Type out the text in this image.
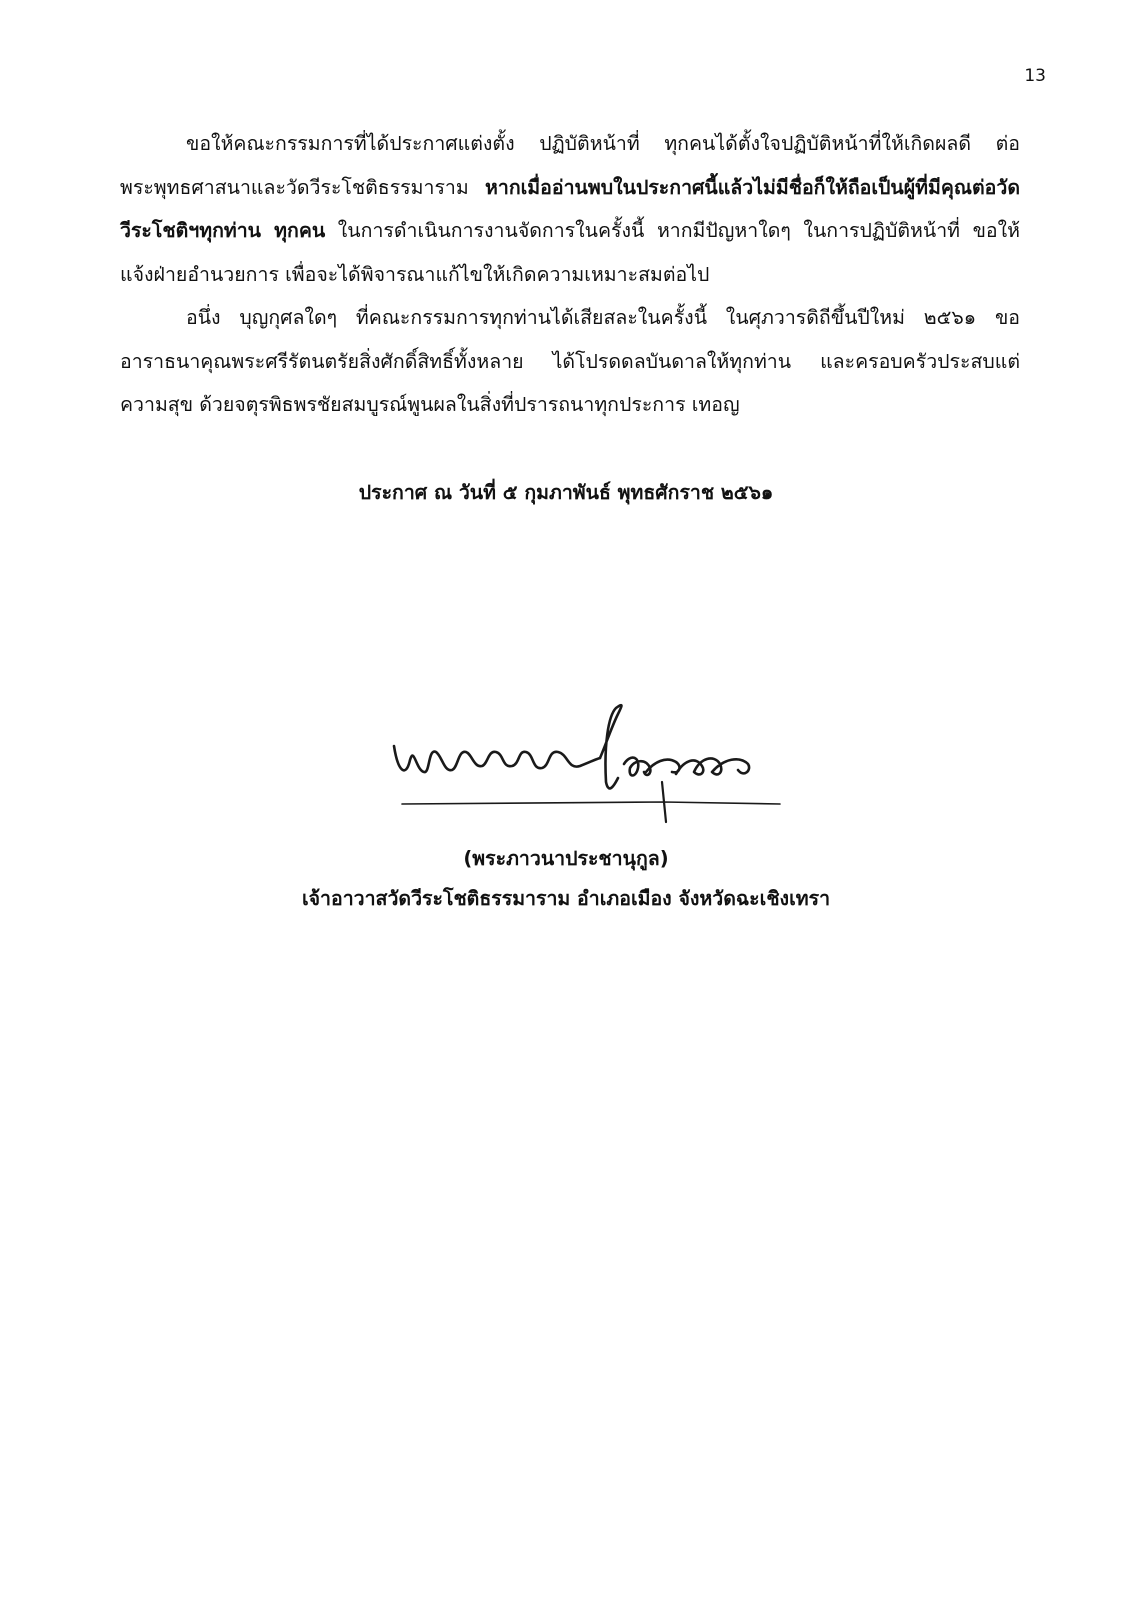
13

ขอให้คณะกรรมการที่ได้ประกาศแต่งตั้ง ปฏิบัติหน้าที่ ทุกคนได้ตั้งใจปฏิบัติหน้าที่ให้เกิดผลดี ต่อพระพุทธศาสนาและวัดวีระโชติธรรมาราม หากเมื่ออ่านพบในประกาศนี้แล้วไม่มีชื่อก็ให้ถือเป็นผู้ที่มีคุณต่อวัดวีระโชติฯทุกท่าน ทุกคน ในการดำเนินการงานจัดการในครั้งนี้ หากมีปัญหาใดๆ ในการปฏิบัติหน้าที่ ขอให้แจ้งฝ่ายอำนวยการ เพื่อจะได้พิจารณาแก้ไขให้เกิดความเหมาะสมต่อไป

อนึ่ง บุญกุศลใดๆ ที่คณะกรรมการทุกท่านได้เสียสละในครั้งนี้ ในศุภวารดิถีขึ้นปีใหม่ ๒๕๖๑ ขออาราธนาคุณพระศรีรัตนตรัยสิ่งศักดิ์สิทธิ์ทั้งหลาย ได้โปรดดลบันดาลให้ทุกท่าน และครอบครัวประสบแต่ความสุข ด้วยจตุรพิธพรชัยสมบูรณ์พูนผลในสิ่งที่ปรารถนาทุกประการ เทอญ

ประกาศ ณ วันที่ ๕ กุมภาพันธ์ พุทธศักราช ๒๕๖๑
(พระภาวนาประชานุกูล)
เจ้าอาวาสวัดวีระโชติธรรมาราม อำเภอเมือง จังหวัดฉะเชิงเทรา
